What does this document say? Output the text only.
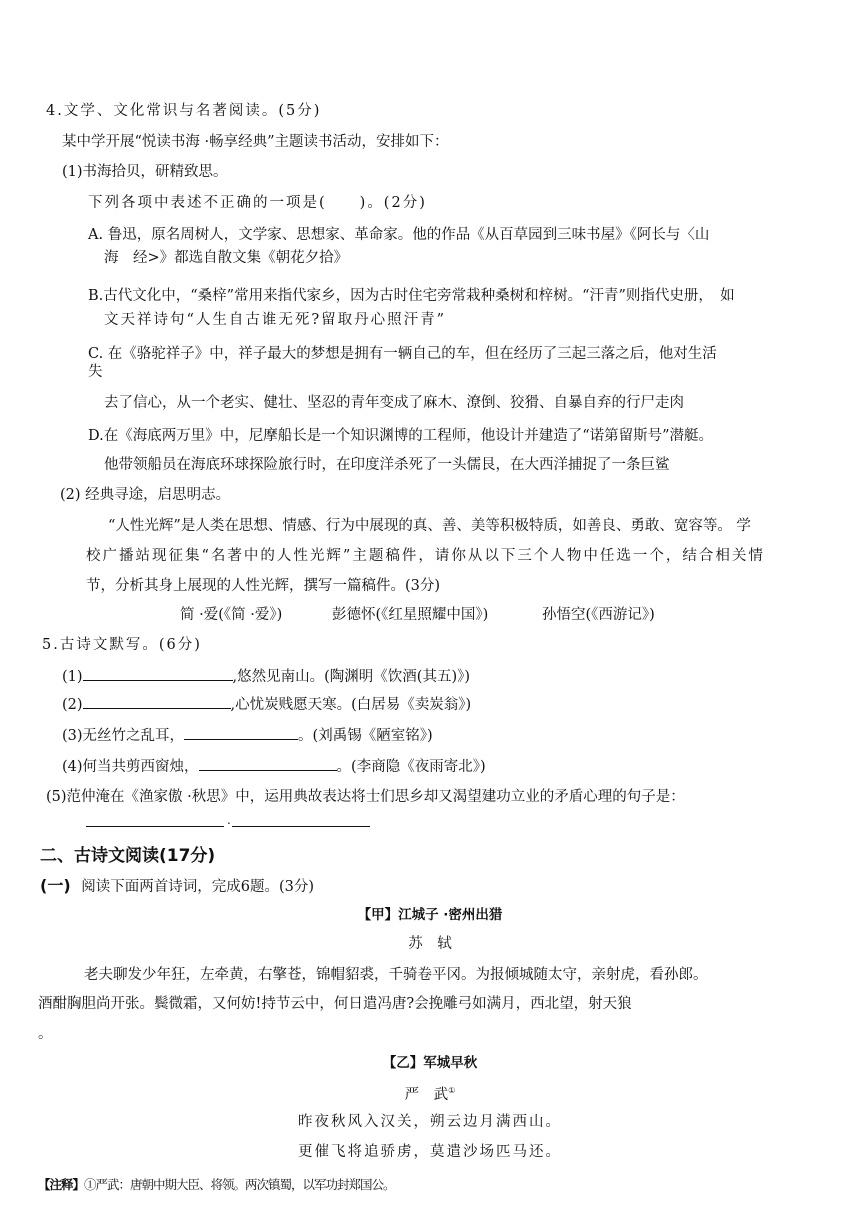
4.文学、文化常识与名著阅读。(5分)
某中学开展“悦读书海 ·畅享经典”主题读书活动，安排如下：
(1)书海拾贝，研精致思。
下列各项中表述不正确的一项是(　　)。(2分)
A. 鲁迅，原名周树人，文学家、思想家、革命家。他的作品《从百草园到三味书屋》《阿长与〈山
海　经>》都选自散文集《朝花夕拾》
B.古代文化中，“桑梓”常用来指代家乡，因为古时住宅旁常栽种桑树和梓树。“汗青”则指代史册，　如
文天祥诗句“人生自古谁无死?留取丹心照汗青”
C. 在《骆驼祥子》中，祥子最大的梦想是拥有一辆自己的车，但在经历了三起三落之后，他对生活
失
去了信心，从一个老实、健壮、坚忍的青年变成了麻木、潦倒、狡猾、自暴自弃的行尸走肉
D.在《海底两万里》中，尼摩船长是一个知识渊博的工程师，他设计并建造了“诺第留斯号”潜艇。
他带领船员在海底环球探险旅行时，在印度洋杀死了一头儒艮，在大西洋捕捉了一条巨鲨
(2) 经典寻途，启思明志。
“人性光辉”是人类在思想、情感、行为中展现的真、善、美等积极特质，如善良、勇敢、宽容等。 学
校广播站现征集“名著中的人性光辉”主题稿件，请你从以下三个人物中任选一个，结合相关情
节，分析其身上展现的人性光辉，撰写一篇稿件。(3分)
简 ·爱(《简 ·爱》)	彭德怀(《红星照耀中国》)	孙悟空(《西游记》)
5.古诗文默写。(6分)
(1)	,悠然见南山。(陶渊明《饮酒(其五)》)
(2)	,心忧炭贱愿天寒。(白居易《卖炭翁》)
(3)无丝竹之乱耳，	。(刘禹锡《陋室铭》)
(4)何当共剪西窗烛，	。(李商隐《夜雨寄北》)
(5)范仲淹在《渔家傲 ·秋思》中，运用典故表达将士们思乡却又渴望建功立业的矛盾心理的句子是：
.
二、古诗文阅读(17分)
(一) 阅读下面两首诗词，完成6题。(3分)
【甲】江城子 ·密州出猎
苏　轼
老夫聊发少年狂，左牵黄，右擎苍，锦帽貂裘，千骑卷平冈。为报倾城随太守，亲射虎，看孙郎。
酒酣胸胆尚开张。鬓微霜，又何妨!持节云中，何日遣冯唐?会挽雕弓如满月，西北望，射天狼
。
【乙】军城早秋
严　武①
昨夜秋风入汉关，朔云边月满西山。
更催飞将追骄虏，莫遣沙场匹马还。
【注释】①严武：唐朝中期大臣、将领。两次镇蜀，以军功封郑国公。
